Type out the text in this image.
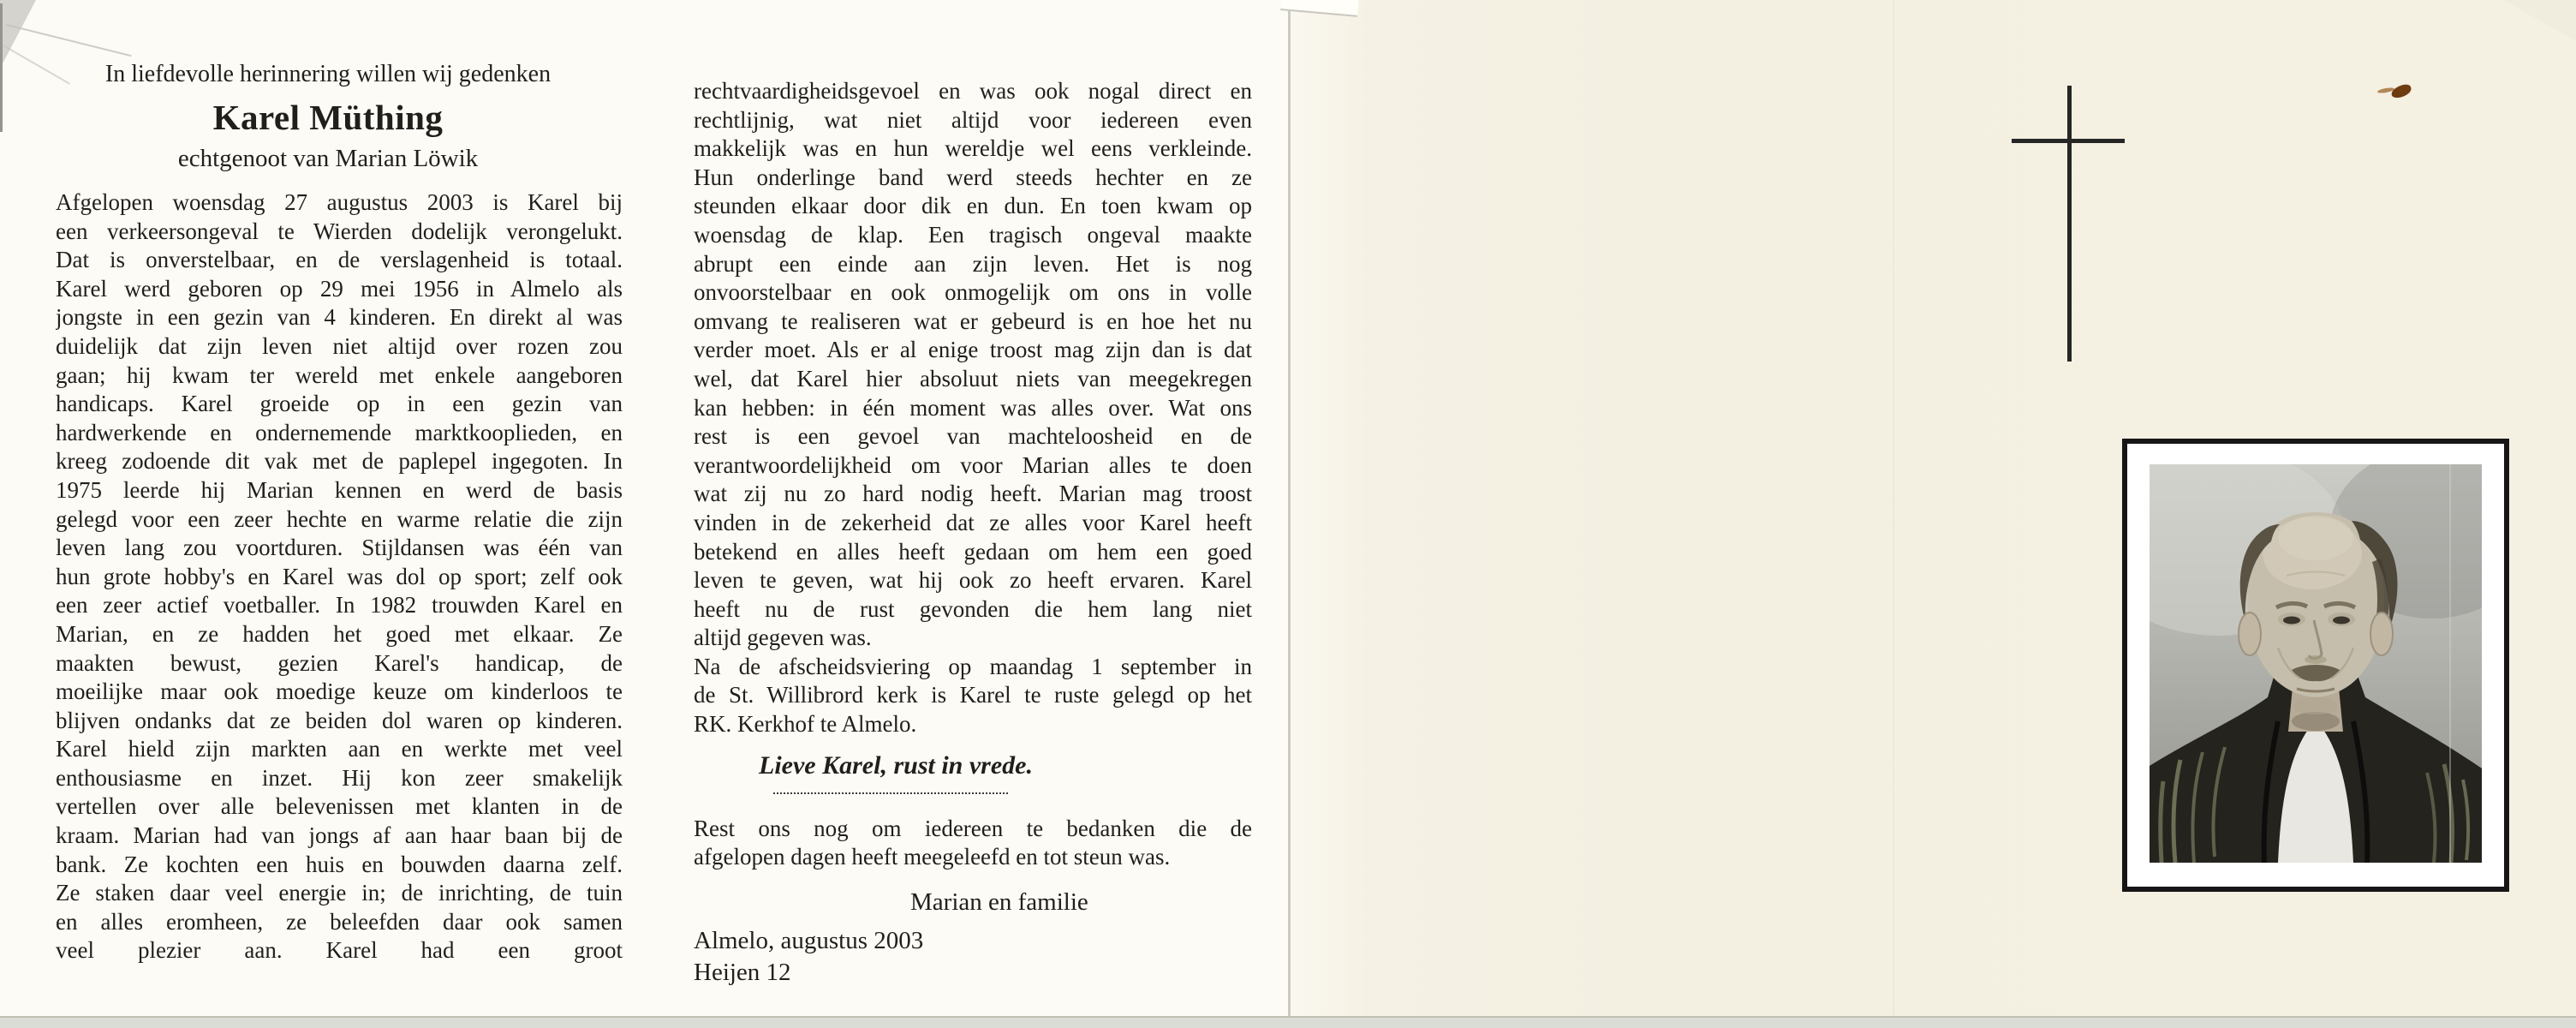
In liefdevolle herinnering willen wij gedenken
Karel Müthing
echtgenoot van Marian Löwik
Afgelopen woensdag 27 augustus 2003 is Karel bij
een verkeersongeval te Wierden dodelijk verongelukt.
Dat is onverstelbaar, en de verslagenheid is totaal.
Karel werd geboren op 29 mei 1956 in Almelo als
jongste in een gezin van 4 kinderen. En direkt al was
duidelijk dat zijn leven niet altijd over rozen zou
gaan; hij kwam ter wereld met enkele aangeboren
handicaps. Karel groeide op in een gezin van
hardwerkende en ondernemende marktkooplieden, en
kreeg zodoende dit vak met de paplepel ingegoten. In
1975 leerde hij Marian kennen en werd de basis
gelegd voor een zeer hechte en warme relatie die zijn
leven lang zou voortduren. Stijldansen was één van
hun grote hobby's en Karel was dol op sport; zelf ook
een zeer actief voetballer. In 1982 trouwden Karel en
Marian, en ze hadden het goed met elkaar. Ze
maakten bewust, gezien Karel's handicap, de
moeilijke maar ook moedige keuze om kinderloos te
blijven ondanks dat ze beiden dol waren op kinderen.
Karel hield zijn markten aan en werkte met veel
enthousiasme en inzet. Hij kon zeer smakelijk
vertellen over alle belevenissen met klanten in de
kraam. Marian had van jongs af aan haar baan bij de
bank. Ze kochten een huis en bouwden daarna zelf.
Ze staken daar veel energie in; de inrichting, de tuin
en alles eromheen, ze beleefden daar ook samen
veel plezier aan. Karel had een groot
rechtvaardigheidsgevoel en was ook nogal direct en
rechtlijnig, wat niet altijd voor iedereen even
makkelijk was en hun wereldje wel eens verkleinde.
Hun onderlinge band werd steeds hechter en ze
steunden elkaar door dik en dun. En toen kwam op
woensdag de klap. Een tragisch ongeval maakte
abrupt een einde aan zijn leven. Het is nog
onvoorstelbaar en ook onmogelijk om ons in volle
omvang te realiseren wat er gebeurd is en hoe het nu
verder moet. Als er al enige troost mag zijn dan is dat
wel, dat Karel hier absoluut niets van meegekregen
kan hebben: in één moment was alles over. Wat ons
rest is een gevoel van machteloosheid en de
verantwoordelijkheid om voor Marian alles te doen
wat zij nu zo hard nodig heeft. Marian mag troost
vinden in de zekerheid dat ze alles voor Karel heeft
betekend en alles heeft gedaan om hem een goed
leven te geven, wat hij ook zo heeft ervaren. Karel
heeft nu de rust gevonden die hem lang niet
altijd gegeven was.
Na de afscheidsviering op maandag 1 september in
de St. Willibrord kerk is Karel te ruste gelegd op het
RK. Kerkhof te Almelo.
Lieve Karel, rust in vrede.
Rest ons nog om iedereen te bedanken die de
afgelopen dagen heeft meegeleefd en tot steun was.
Marian en familie
Almelo, augustus 2003
Heijen 12
